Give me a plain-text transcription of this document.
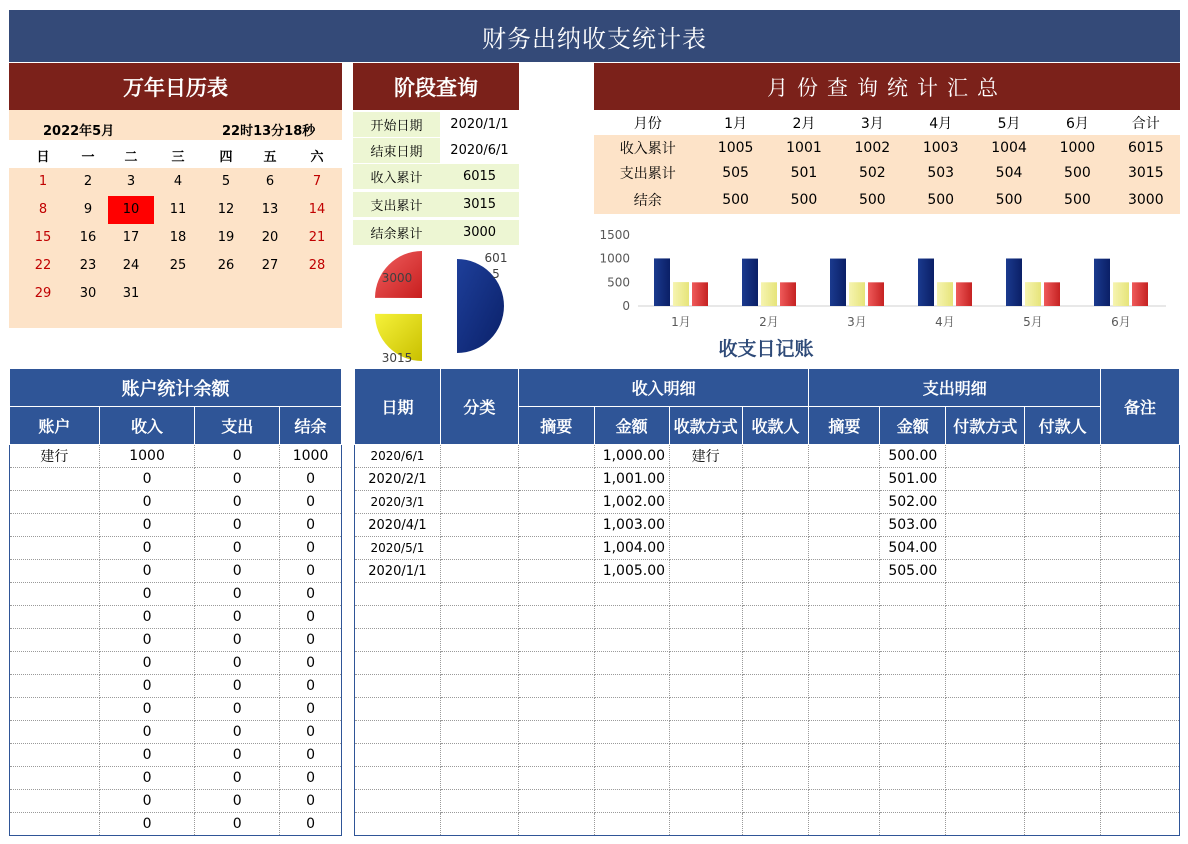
财务出纳收支统计表
万年日历表
2022年5月	22时13分18秒
日	一	二	三	四	五	六
1	2	3	4	5	6	7
8	9	10	11	12	13	14
15	16	17	18	19	20	21
22	23	24	25	26	27	28
29	30	31
阶段查询
开始日期	2020/1/1
结束日期	2020/6/1
收入累计	6015
支出累计	3015
结余累计	3000
601
5
3015
3000
月份查询统计汇总
月份	1月	2月	3月	4月	5月	6月	合计
收入累计	1005	1001	1002	1003	1004	1000	6015
支出累计	505	501	502	503	504	500	3015
结余	500	500	500	500	500	500	3000
0
500
1000
1500
1月	2月	3月	4月	5月	6月
收支日记账
账户统计余额			
账户	收入	支出	结余
建行	1000	0	1000
	0	0	0
	0	0	0
	0	0	0
	0	0	0
	0	0	0
	0	0	0
	0	0	0
	0	0	0
	0	0	0
	0	0	0
	0	0	0
	0	0	0
	0	0	0
	0	0	0
	0	0	0
	0	0	0
日期	分类	收入明细				支出明细				备注
		摘要	金额	收款方式	收款人	摘要	金额	付款方式	付款人	
2020/6/1			1,000.00	建行			500.00			
2020/2/1			1,001.00				501.00			
2020/3/1			1,002.00				502.00			
2020/4/1			1,003.00				503.00			
2020/5/1			1,004.00				504.00			
2020/1/1			1,005.00				505.00			
